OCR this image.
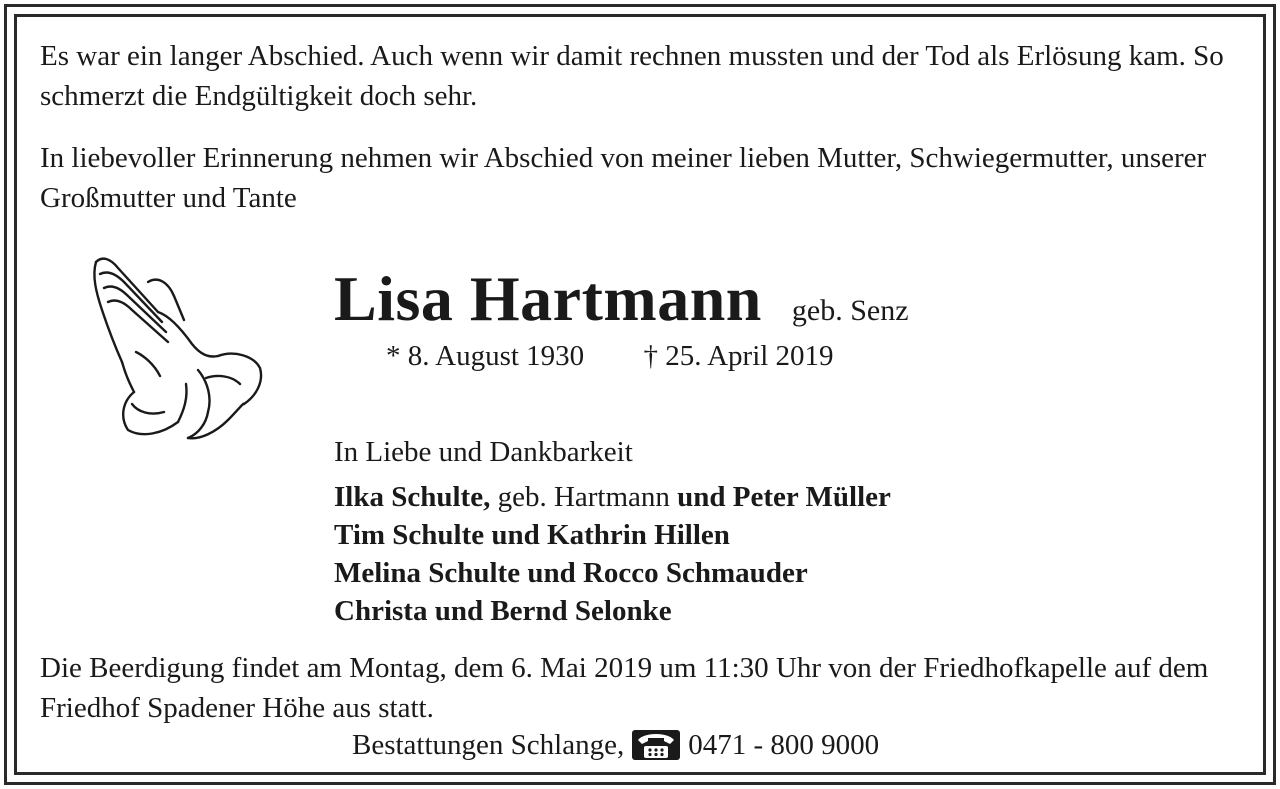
Es war ein langer Abschied. Auch wenn wir damit rechnen mussten und der Tod als Erlösung kam. So schmerzt die Endgültigkeit doch sehr.

In liebevoller Erinnerung nehmen wir Abschied von meiner lieben Mutter, Schwiegermutter, unserer Großmutter und Tante

Lisa Hartmann geb. Senz
* 8. August 1930 † 25. April 2019
In Liebe und Dankbarkeit
Ilka Schulte, geb. Hartmann und Peter Müller
Tim Schulte und Kathrin Hillen
Melina Schulte und Rocco Schmauder
Christa und Bernd Selonke

Die Beerdigung findet am Montag, dem 6. Mai 2019 um 11:30 Uhr von der Friedhofkapelle auf dem Friedhof Spadener Höhe aus statt.

Bestattungen Schlange, 0471 - 800 9000
